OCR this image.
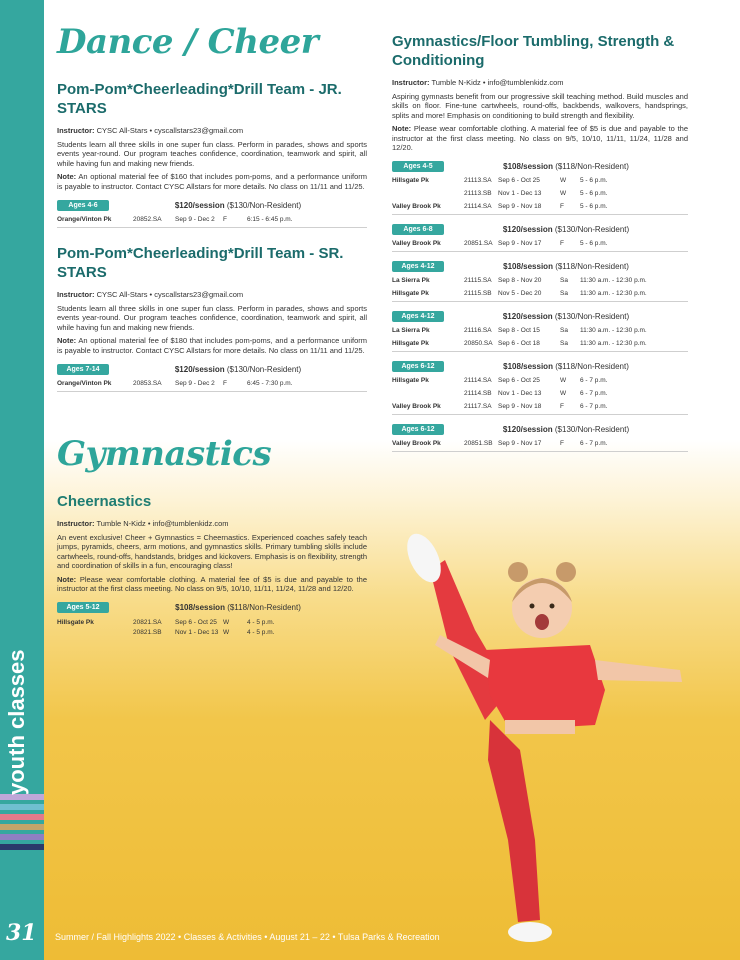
youth classes
31
Dance / Cheer
Pom-Pom*Cheerleading*Drill Team - JR. STARS
Instructor: CYSC All-Stars • cyscallstars23@gmail.com
Students learn all three skills in one super fun class. Perform in parades, shows and sports events year-round. Our program teaches confidence, coordination, teamwork and spirit, all while having fun and making new friends.
Note: An optional material fee of $160 that includes pom-poms, and a performance uniform is payable to instructor. Contact CYSC Allstars for more details. No class on 11/11 and 11/25.
Ages 4-6	$120/session ($130/Non-Resident)
Orange/Vinton Pk	20852.SA	Sep 9 - Dec 2	F	6:15 - 6:45 p.m.
Pom-Pom*Cheerleading*Drill Team - SR. STARS
Instructor: CYSC All-Stars • cyscallstars23@gmail.com
Students learn all three skills in one super fun class. Perform in parades, shows and sports events year-round. Our program teaches confidence, coordination, teamwork and spirit, all while having fun and making new friends.
Note: An optional material fee of $180 that includes pom-poms, and a performance uniform is payable to instructor. Contact CYSC Allstars for more details. No class on 11/11 and 11/25.
Ages 7-14	$120/session ($130/Non-Resident)
Orange/Vinton Pk	20853.SA	Sep 9 - Dec 2	F	6:45 - 7:30 p.m.
Gymnastics
Cheernastics
Instructor: Tumble N-Kidz • info@tumblenkidz.com
An event exclusive! Cheer + Gymnastics = Cheernastics. Experienced coaches safely teach jumps, pyramids, cheers, arm motions, and gymnastics skills. Primary tumbling skills include cartwheels, round-offs, handstands, bridges and kickovers. Emphasis is on flexibility, strength and coordination of skills in a fun, encouraging class!
Note: Please wear comfortable clothing. A material fee of $5 is due and payable to the instructor at the first class meeting. No class on 9/5, 10/10, 11/11, 11/24, 11/28 and 12/20.
Ages 5-12	$108/session ($118/Non-Resident)
Hillsgate Pk	20821.SA	Sep 6 - Oct 25 W	4 - 5 p.m.
20821.SB	Nov 1 - Dec 13 W	4 - 5 p.m.
Gymnastics/Floor Tumbling, Strength & Conditioning
Instructor: Tumble N-Kidz • info@tumblenkidz.com
Aspiring gymnasts benefit from our progressive skill teaching method. Build muscles and skills on floor. Fine-tune cartwheels, round-offs, backbends, walkovers, handsprings, splits and more! Emphasis on conditioning to build strength and flexibility.
Note: Please wear comfortable clothing. A material fee of $5 is due and payable to the instructor at the first class meeting. No class on 9/5, 10/10, 11/11, 11/24, 11/28 and 12/20.
Ages 4-5	$108/session ($118/Non-Resident)
Hillsgate Pk	21113.SA Sep 6 - Oct 25	W	5 - 6 p.m.
21113.SB Nov 1 - Dec 13	W	5 - 6 p.m.
Valley Brook Pk	21114.SA Sep 9 - Nov 18	F	5 - 6 p.m.
Ages 6-8	$120/session ($130/Non-Resident)
Valley Brook Pk	20851.SA Sep 9 - Nov 17	F	5 - 6 p.m.
Ages 4-12	$108/session ($118/Non-Resident)
La Sierra Pk	21115.SA Sep 8 - Nov 20	Sa	11:30 a.m. - 12:30 p.m.
Hillsgate Pk	21115.SB Nov 5 - Dec 20	Sa	11:30 a.m. - 12:30 p.m.
Ages 4-12	$120/session ($130/Non-Resident)
La Sierra Pk	21116.SA Sep 8 - Oct 15	Sa	11:30 a.m. - 12:30 p.m.
Hillsgate Pk	20850.SA Sep 6 - Oct 18	Sa	11:30 a.m. - 12:30 p.m.
Ages 6-12	$108/session ($118/Non-Resident)
Hillsgate Pk	21114.SA Sep 6 - Oct 25	W	6 - 7 p.m.
21114.SB Nov 1 - Dec 13	W	6 - 7 p.m.
Valley Brook Pk	21117.SA Sep 9 - Nov 18	F	6 - 7 p.m.
Ages 6-12	$120/session ($130/Non-Resident)
Valley Brook Pk	20851.SB Sep 9 - Nov 17	F	6 - 7 p.m.
Summer / Fall Highlights 2022 • Classes & Activities • August 21 – 22 • Tulsa Parks & Recreation
